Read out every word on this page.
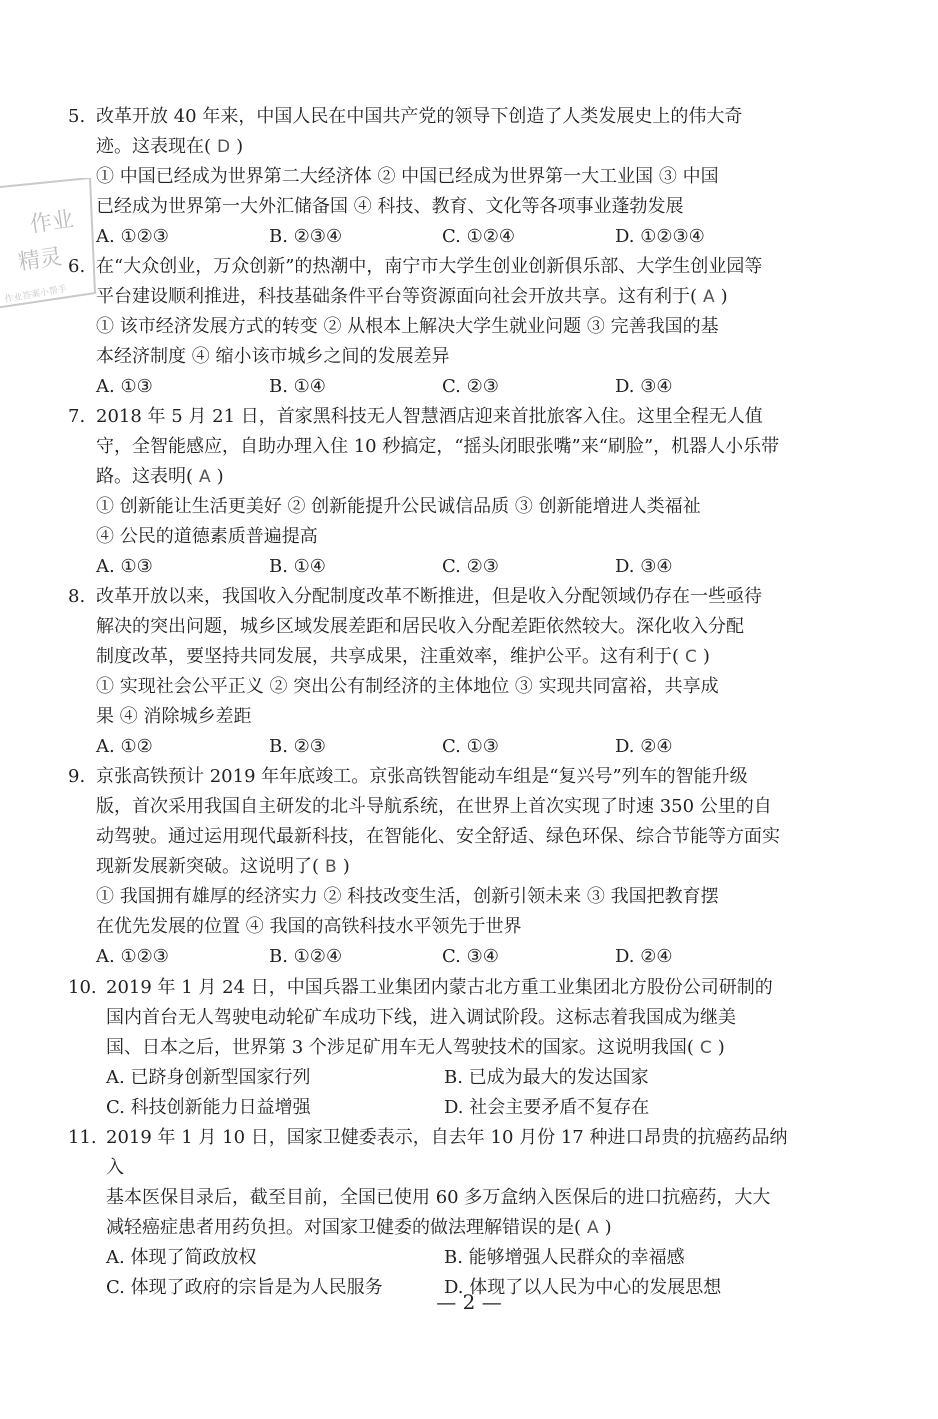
作业
精灵
作业答案小帮手
5. 改革开放 40 年来，中国人民在中国共产党的领导下创造了人类发展史上的伟大奇
迹。这表现在( D )
① 中国已经成为世界第二大经济体 ② 中国已经成为世界第一大工业国 ③ 中国
已经成为世界第一大外汇储备国 ④ 科技、教育、文化等各项事业蓬勃发展
A. ①②③	B. ②③④	C. ①②④	D. ①②③④
6. 在“大众创业，万众创新”的热潮中，南宁市大学生创业创新俱乐部、大学生创业园等
平台建设顺利推进，科技基础条件平台等资源面向社会开放共享。这有利于( A )
① 该市经济发展方式的转变 ② 从根本上解决大学生就业问题 ③ 完善我国的基
本经济制度 ④ 缩小该市城乡之间的发展差异
A. ①③	B. ①④	C. ②③	D. ③④
7. 2018 年 5 月 21 日，首家黑科技无人智慧酒店迎来首批旅客入住。这里全程无人值
守，全智能感应，自助办理入住 10 秒搞定，“摇头闭眼张嘴”来“刷脸”，机器人小乐带
路。这表明( A )
① 创新能让生活更美好 ② 创新能提升公民诚信品质 ③ 创新能增进人类福祉
④ 公民的道德素质普遍提高
A. ①③	B. ①④	C. ②③	D. ③④
8. 改革开放以来，我国收入分配制度改革不断推进，但是收入分配领域仍存在一些亟待
解决的突出问题，城乡区域发展差距和居民收入分配差距依然较大。深化收入分配
制度改革，要坚持共同发展，共享成果，注重效率，维护公平。这有利于( C )
① 实现社会公平正义 ② 突出公有制经济的主体地位 ③ 实现共同富裕，共享成
果 ④ 消除城乡差距
A. ①②	B. ②③	C. ①③	D. ②④
9. 京张高铁预计 2019 年年底竣工。京张高铁智能动车组是“复兴号”列车的智能升级
版，首次采用我国自主研发的北斗导航系统，在世界上首次实现了时速 350 公里的自
动驾驶。通过运用现代最新科技，在智能化、安全舒适、绿色环保、综合节能等方面实
现新发展新突破。这说明了( B )
① 我国拥有雄厚的经济实力 ② 科技改变生活，创新引领未来 ③ 我国把教育摆
在优先发展的位置 ④ 我国的高铁科技水平领先于世界
A. ①②③	B. ①②④	C. ③④	D. ②④
10. 2019 年 1 月 24 日，中国兵器工业集团内蒙古北方重工业集团北方股份公司研制的
国内首台无人驾驶电动轮矿车成功下线，进入调试阶段。这标志着我国成为继美
国、日本之后，世界第 3 个涉足矿用车无人驾驶技术的国家。这说明我国( C )
A. 已跻身创新型国家行列	B. 已成为最大的发达国家
C. 科技创新能力日益增强	D. 社会主要矛盾不复存在
11. 2019 年 1 月 10 日，国家卫健委表示，自去年 10 月份 17 种进口昂贵的抗癌药品纳入
基本医保目录后，截至目前，全国已使用 60 多万盒纳入医保后的进口抗癌药，大大
减轻癌症患者用药负担。对国家卫健委的做法理解错误的是( A )
A. 体现了简政放权	B. 能够增强人民群众的幸福感
C. 体现了政府的宗旨是为人民服务	D. 体现了以人民为中心的发展思想
— 2 —
